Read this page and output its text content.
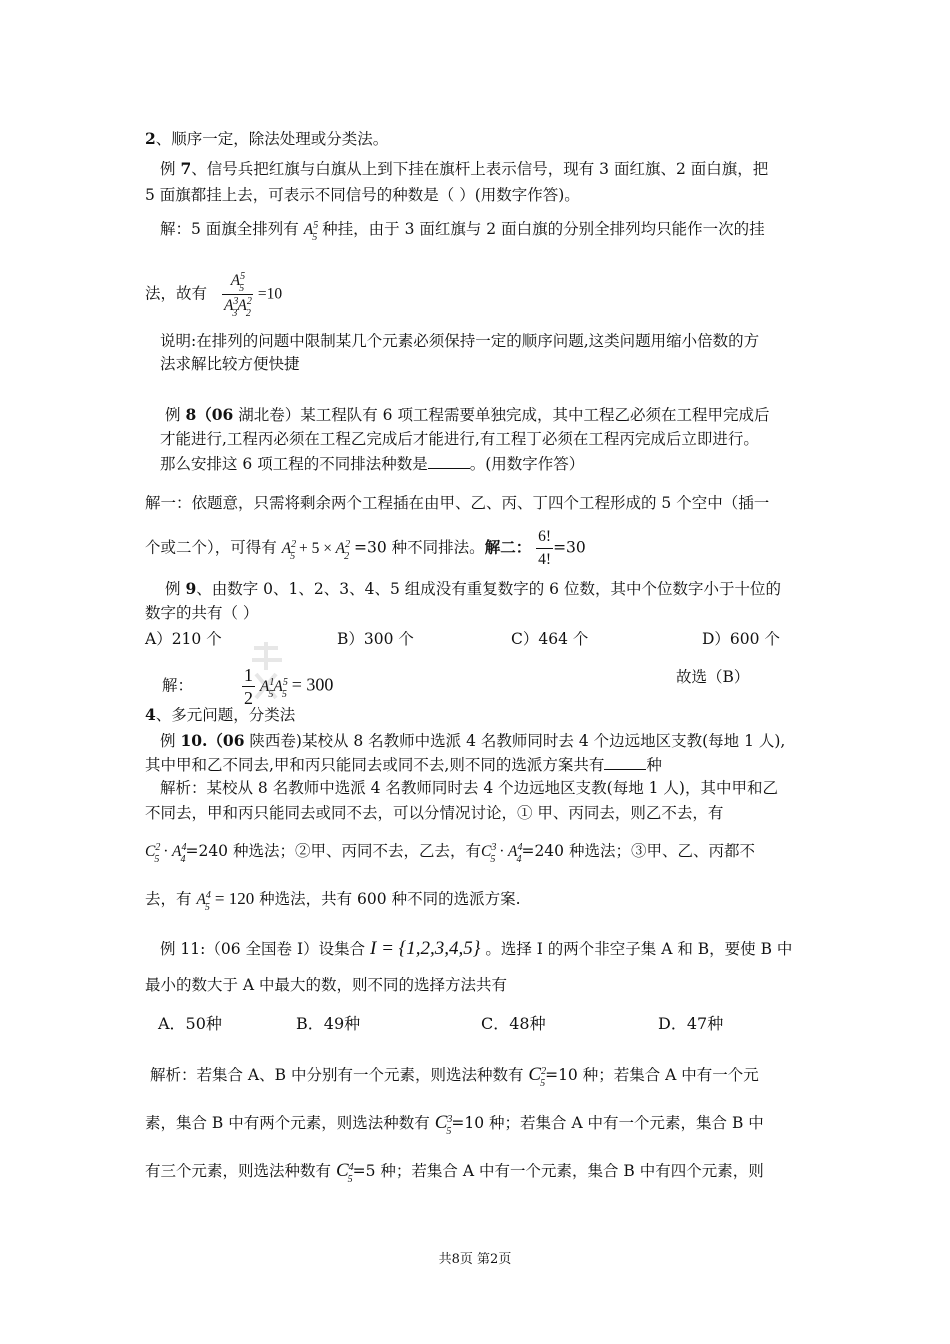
2、顺序一定，除法处理或分类法。
例 7、信号兵把红旗与白旗从上到下挂在旗杆上表示信号，现有 3 面红旗、2 面白旗，把
5 面旗都挂上去，可表示不同信号的种数是（ ）(用数字作答)。
解：5 面旗全排列有 $A^5_5$ 种挂，由于 3 面红旗与 2 面白旗的分别全排列均只能作一次的挂
法，故有 $\frac{A^5_5}{A^3_3A^2_2} =10$
说明:在排列的问题中限制某几个元素必须保持一定的顺序问题,这类问题用缩小倍数的方
法求解比较方便快捷
例 8（06 湖北卷）某工程队有 6 项工程需要单独完成，其中工程乙必须在工程甲完成后
才能进行,工程丙必须在工程乙完成后才能进行,有工程丁必须在工程丙完成后立即进行。
那么安排这 6 项工程的不同排法种数是	。(用数字作答）
解一：依题意，只需将剩余两个工程插在由甲、乙、丙、丁四个工程形成的 5 个空中（插一
个或二个），可得有 $A^2_5 + 5 \times A^2_2 =30$ 种不同排法。解二： $\frac{6!}{4!} =30$
例 9、由数字 0、1、2、3、4、5 组成没有重复数字的 6 位数，其中个位数字小于十位的
数字的共有（ ）
A）210 个	B）300 个	C）464 个	D）600 个
解：	$\frac{1}{2} A^1_5A^5_5 = 300$	故选（B）
4、多元问题，分类法
例 10.（06 陕西卷)某校从 8 名教师中选派 4 名教师同时去 4 个边远地区支教(每地 1 人),
其中甲和乙不同去,甲和丙只能同去或同不去,则不同的选派方案共有	种
解析：某校从 8 名教师中选派 4 名教师同时去 4 个边远地区支教(每地 1 人)，其中甲和乙
不同去，甲和丙只能同去或同不去，可以分情况讨论，① 甲、丙同去，则乙不去，有
$C^2_5 \cdot A^4_4=240$ 种选法；②甲、丙同不去，乙去，有$C^3_5 \cdot A^4_4=240$ 种选法；③甲、乙、丙都不
去，有 $A^4_5 = 120$ 种选法，共有 600 种不同的选派方案.
例 11:（06 全国卷 I）设集合 I = {1,2,3,4,5} 。选择 I 的两个非空子集 A 和 B，要使 B 中
最小的数大于 A 中最大的数，则不同的选择方法共有
A．50种	B．49种	C．48种	D．47种
解析：若集合 A、B 中分别有一个元素，则选法种数有 $C^2_5=10$ 种；若集合 A 中有一个元
素，集合 B 中有两个元素，则选法种数有 $C^3_5=10$ 种；若集合 A 中有一个元素，集合 B 中
有三个元素，则选法种数有 $C^4_5=5$ 种；若集合 A 中有一个元素，集合 B 中有四个元素，则
共8页 第2页
